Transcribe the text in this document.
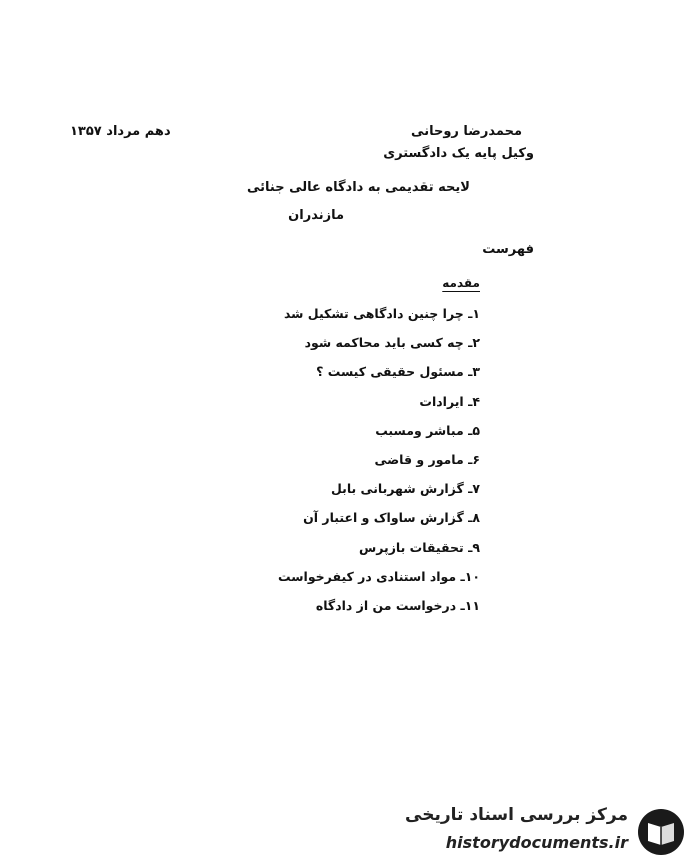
دهم مرداد ۱۳۵۷	محمدرضا روحانی
وکیل پایه یک دادگستری
لایحه تقدیمی به دادگاه عالی جنائی
مازندران
فهرست
مقدمه
۱ـ چرا چنین دادگاهی تشکیل شد
۲ـ چه کسی باید محاکمه شود
۳ـ مسئول حقیقی کیست ؟
۴ـ ایرادات
۵ـ مباشر ومسبب
۶ـ مامور و قاضی
۷ـ گزارش شهربانی بابل
۸ـ گزارش ساواک و اعتبار آن
۹ـ تحقیقات بازپرس
۱۰ـ مواد استنادی در کیفرخواست
۱۱ـ درخواست من از دادگاه
مرکز بررسی اسناد تاریخی
historydocuments.ir
